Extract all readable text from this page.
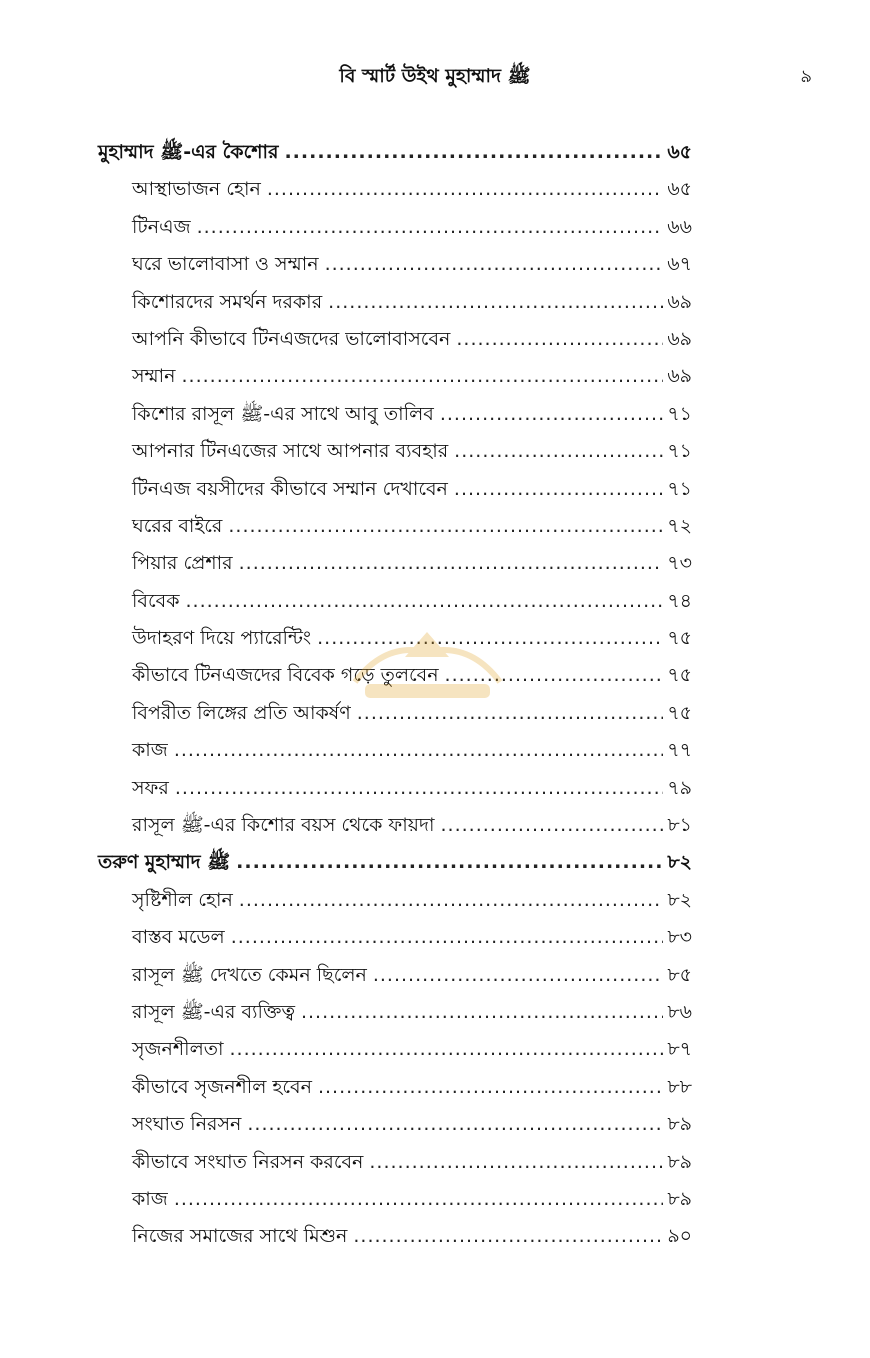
বি স্মার্ট উইথ মুহাম্মাদ ﷺ	৯
মুহাম্মাদ ﷺ-এর কৈশোর .....	৬৫
আস্থাভাজন হোন .....	৬৫
টিনএজ .....	৬৬
ঘরে ভালোবাসা ও সম্মান .....	৬৭
কিশোরদের সমর্থন দরকার .....	৬৯
আপনি কীভাবে টিনএজদের ভালোবাসবেন .....	৬৯
সম্মান .....	৬৯
কিশোর রাসূল ﷺ-এর সাথে আবু তালিব .....	৭১
আপনার টিনএজের সাথে আপনার ব্যবহার .....	৭১
টিনএজ বয়সীদের কীভাবে সম্মান দেখাবেন .....	৭১
ঘরের বাইরে .....	৭২
পিয়ার প্রেশার .....	৭৩
বিবেক .....	৭৪
উদাহরণ দিয়ে প্যারেন্টিং .....	৭৫
কীভাবে টিনএজদের বিবেক গড়ে তুলবেন .....	৭৫
বিপরীত লিঙ্গের প্রতি আকর্ষণ .....	৭৫
কাজ .....	৭৭
সফর .....	৭৯
রাসূল ﷺ-এর কিশোর বয়স থেকে ফায়দা .....	৮১
তরুণ মুহাম্মাদ ﷺ .....	৮২
সৃষ্টিশীল হোন .....	৮২
বাস্তব মডেল .....	৮৩
রাসূল ﷺ দেখতে কেমন ছিলেন .....	৮৫
রাসূল ﷺ-এর ব্যক্তিত্ব .....	৮৬
সৃজনশীলতা .....	৮৭
কীভাবে সৃজনশীল হবেন .....	৮৮
সংঘাত নিরসন .....	৮৯
কীভাবে সংঘাত নিরসন করবেন .....	৮৯
কাজ .....	৮৯
নিজের সমাজের সাথে মিশুন .....	৯০
